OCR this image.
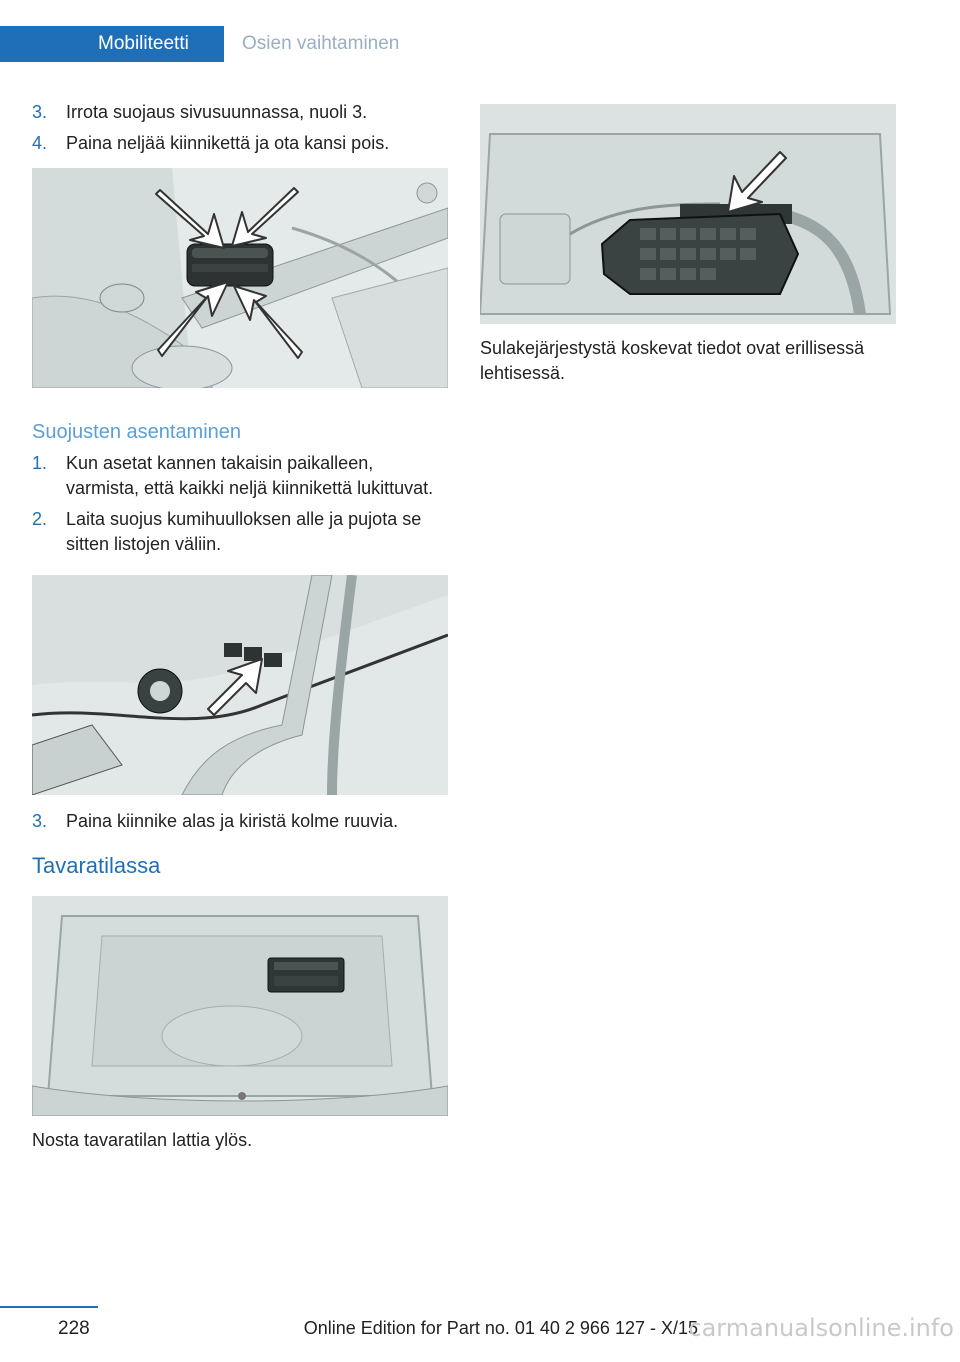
Mobiliteetti	Osien vaihtaminen
3. Irrota suojaus sivusuunnassa, nuoli 3.
4. Paina neljää kiinnikettä ja ota kansi pois.
Suojusten asentaminen
1. Kun asetat kannen takaisin paikalleen, varmista, että kaikki neljä kiinnikettä lukittuvat.
2. Laita suojus kumihuulloksen alle ja pujota se sitten listojen väliin.
3. Paina kiinnike alas ja kiristä kolme ruuvia.
Tavaratilassa

Nosta tavaratilan lattia ylös.

Sulakejärjestystä koskevat tiedot ovat erillisessä lehtisessä.

228	Online Edition for Part no. 01 40 2 966 127 - X/15
carmanualsonline.info
